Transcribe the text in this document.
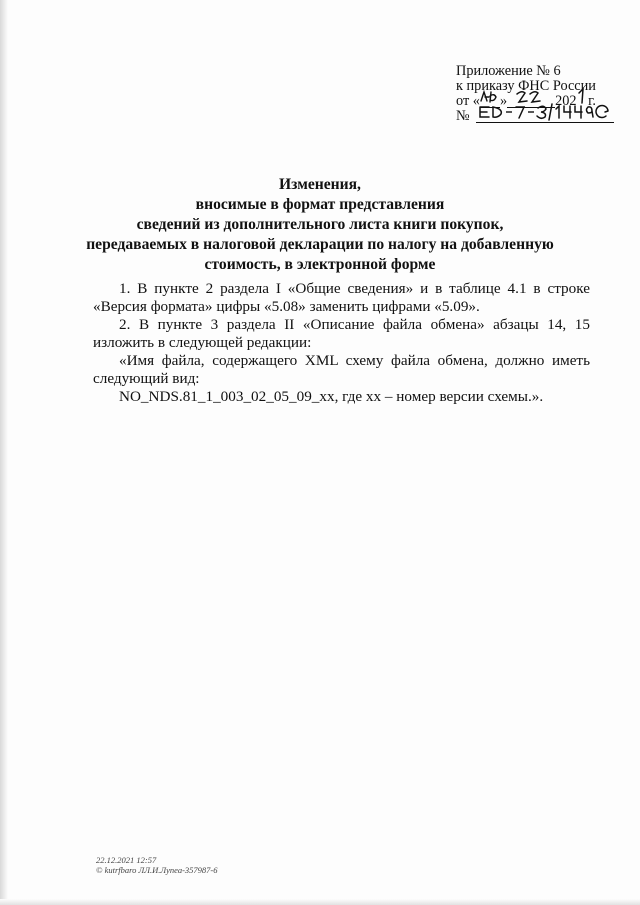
Приложение № 6
к приказу ФНС России
от « »	202
г.
№
Изменения,
вносимые в формат представления
сведений из дополнительного листа книги покупок,
передаваемых в налоговой декларации по налогу на добавленную
стоимость, в электронной форме
1. В пункте 2 раздела I «Общие сведения» и в таблице 4.1 в строке «Версия формата» цифры «5.08» заменить цифрами «5.09».
2. В пункте 3 раздела II «Описание файла обмена» абзацы 14, 15 изложить в следующей редакции:
«Имя файла, содержащего XML схему файла обмена, должно иметь следующий вид:
NO_NDS.81_1_003_02_05_09_xx, где xx – номер версии схемы.».
22.12.2021 12:57
© kutrfbaro ЛЛ.И.Лупеа-357987-6
